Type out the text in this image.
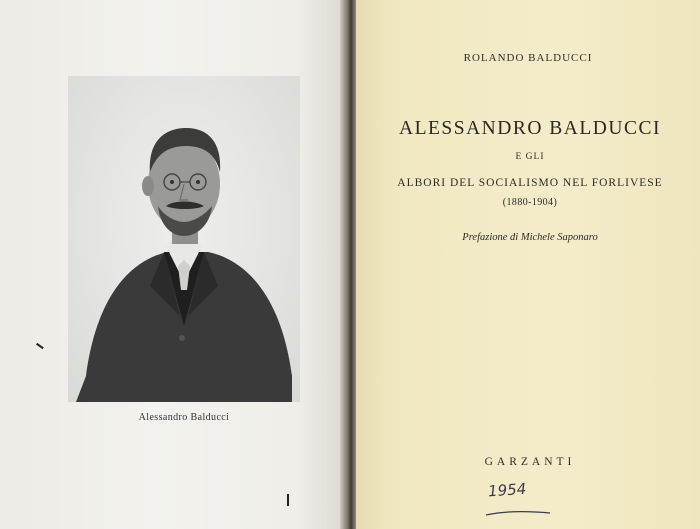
Alessandro Balducci
ROLANDO BALDUCCI
ALESSANDRO BALDUCCI
E GLI
ALBORI DEL SOCIALISMO NEL FORLIVESE
(1880-1904)
Prefazione di Michele Saponaro
GARZANTI
1954
